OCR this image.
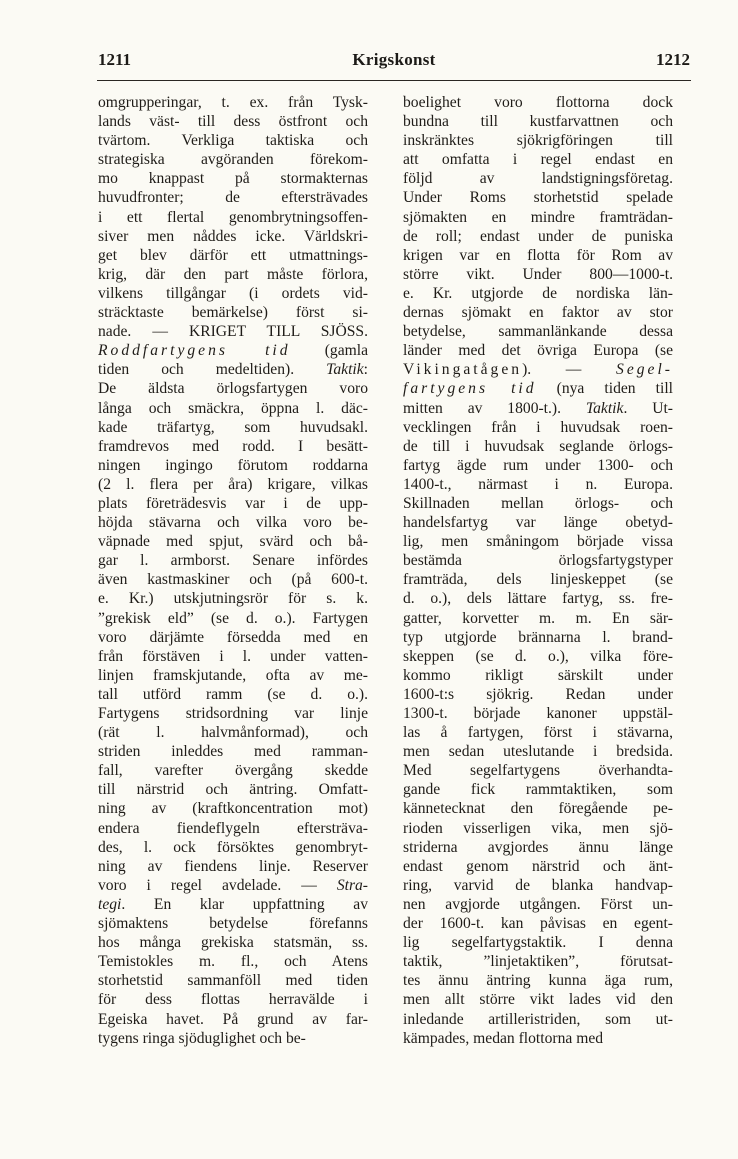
1211	Krigskonst	1212
omgrupperingar, t. ex. från Tysk-
lands väst- till dess östfront och
tvärtom. Verkliga taktiska och
strategiska avgöranden förekom-
mo knappast på stormakternas
huvudfronter; de eftersträvades
i ett flertal genombrytningsoffen-
siver men nåddes icke. Världskri-
get blev därför ett utmattnings-
krig, där den part måste förlora,
vilkens tillgångar (i ordets vid-
sträcktaste bemärkelse) först si-
nade. — KRIGET TILL SJÖSS.
Roddfartygens tid (gamla
tiden och medeltiden). Taktik:
De äldsta örlogsfartygen voro
långa och smäckra, öppna l. däc-
kade träfartyg, som huvudsakl.
framdrevos med rodd. I besätt-
ningen ingingo förutom roddarna
(2 l. flera per åra) krigare, vilkas
plats företrädesvis var i de upp-
höjda stävarna och vilka voro be-
väpnade med spjut, svärd och bå-
gar l. armborst. Senare infördes
även kastmaskiner och (på 600-t.
e. Kr.) utskjutningsrör för s. k.
”grekisk eld” (se d. o.). Fartygen
voro därjämte försedda med en
från förstäven i l. under vatten-
linjen framskjutande, ofta av me-
tall utförd ramm (se d. o.).
Fartygens stridsordning var linje
(rät l. halvmånformad), och
striden inleddes med ramman-
fall, varefter övergång skedde
till närstrid och äntring. Omfatt-
ning av (kraftkoncentration mot)
endera fiendeflygeln eftersträva-
des, l. ock försöktes genombryt-
ning av fiendens linje. Reserver
voro i regel avdelade. — Stra-
tegi. En klar uppfattning av
sjömaktens betydelse förefanns
hos många grekiska statsmän, ss.
Temistokles m. fl., och Atens
storhetstid sammanföll med tiden
för dess flottas herravälde i
Egeiska havet. På grund av far-
tygens ringa sjöduglighet och be-
boelighet voro flottorna dock
bundna till kustfarvattnen och
inskränktes sjökrigföringen till
att omfatta i regel endast en
följd av landstigningsföretag.
Under Roms storhetstid spelade
sjömakten en mindre framträdan-
de roll; endast under de puniska
krigen var en flotta för Rom av
större vikt. Under 800—1000-t.
e. Kr. utgjorde de nordiska län-
dernas sjömakt en faktor av stor
betydelse, sammanlänkande dessa
länder med det övriga Europa (se
Vikingatågen). — Segel-
fartygens tid (nya tiden till
mitten av 1800-t.). Taktik. Ut-
vecklingen från i huvudsak roen-
de till i huvudsak seglande örlogs-
fartyg ägde rum under 1300- och
1400-t., närmast i n. Europa.
Skillnaden mellan örlogs- och
handelsfartyg var länge obetyd-
lig, men småningom började vissa
bestämda örlogsfartygstyper
framträda, dels linjeskeppet (se
d. o.), dels lättare fartyg, ss. fre-
gatter, korvetter m. m. En sär-
typ utgjorde brännarna l. brand-
skeppen (se d. o.), vilka före-
kommo rikligt särskilt under
1600-t:s sjökrig. Redan under
1300-t. började kanoner uppstäl-
las å fartygen, först i stävarna,
men sedan uteslutande i bredsida.
Med segelfartygens överhandta-
gande fick rammtaktiken, som
kännetecknat den föregående pe-
rioden visserligen vika, men sjö-
striderna avgjordes ännu länge
endast genom närstrid och änt-
ring, varvid de blanka handvap-
nen avgjorde utgången. Först un-
der 1600-t. kan påvisas en egent-
lig segelfartygstaktik. I denna
taktik, ”linjetaktiken”, förutsat-
tes ännu äntring kunna äga rum,
men allt större vikt lades vid den
inledande artilleristriden, som ut-
kämpades, medan flottorna med
